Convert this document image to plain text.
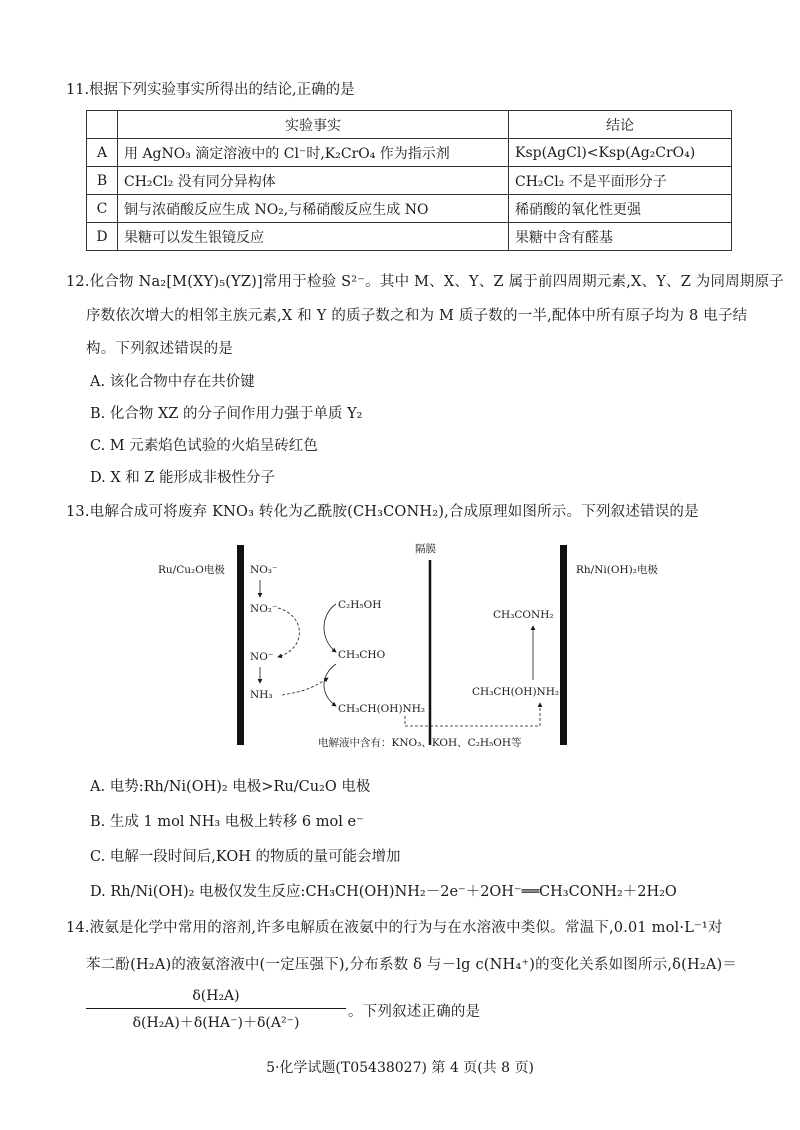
11.根据下列实验事实所得出的结论,正确的是
	实验事实	结论
A	用 AgNO₃ 滴定溶液中的 Cl⁻时,K₂CrO₄ 作为指示剂	Ksp(AgCl)<Ksp(Ag₂CrO₄)
B	CH₂Cl₂ 没有同分异构体	CH₂Cl₂ 不是平面形分子
C	铜与浓硝酸反应生成 NO₂,与稀硝酸反应生成 NO	稀硝酸的氧化性更强
D	果糖可以发生银镜反应	果糖中含有醛基
12.化合物 Na₂[M(XY)₅(YZ)]常用于检验 S²⁻。其中 M、X、Y、Z 属于前四周期元素,X、Y、Z 为同周期原子
序数依次增大的相邻主族元素,X 和 Y 的质子数之和为 M 质子数的一半,配体中所有原子均为 8 电子结
构。下列叙述错误的是
A. 该化合物中存在共价键
B. 化合物 XZ 的分子间作用力强于单质 Y₂
C. M 元素焰色试验的火焰呈砖红色
D. X 和 Z 能形成非极性分子
13.电解合成可将废弃 KNO₃ 转化为乙酰胺(CH₃CONH₂),合成原理如图所示。下列叙述错误的是
Ru/Cu₂O电极	Rh/Ni(OH)₂电极
隔膜
NO₃⁻
NO₂⁻
NO⁻
NH₃
C₂H₅OH
CH₃CHO
CH₃CH(OH)NH₂
CH₃CONH₂
CH₃CH(OH)NH₂
电解液中含有：KNO₃、KOH、C₂H₅OH等
A. 电势:Rh/Ni(OH)₂ 电极>Ru/Cu₂O 电极
B. 生成 1 mol NH₃ 电极上转移 6 mol e⁻
C. 电解一段时间后,KOH 的物质的量可能会增加
D. Rh/Ni(OH)₂ 电极仅发生反应:CH₃CH(OH)NH₂－2e⁻＋2OH⁻══CH₃CONH₂＋2H₂O
14.液氨是化学中常用的溶剂,许多电解质在液氨中的行为与在水溶液中类似。常温下,0.01 mol·L⁻¹对
苯二酚(H₂A)的液氨溶液中(一定压强下),分布系数 δ 与－lg c(NH₄⁺)的变化关系如图所示,δ(H₂A)＝
δ(H₂A)
δ(H₂A)＋δ(HA⁻)＋δ(A²⁻)
。下列叙述正确的是
5·化学试题(T05438027) 第 4 页(共 8 页)
